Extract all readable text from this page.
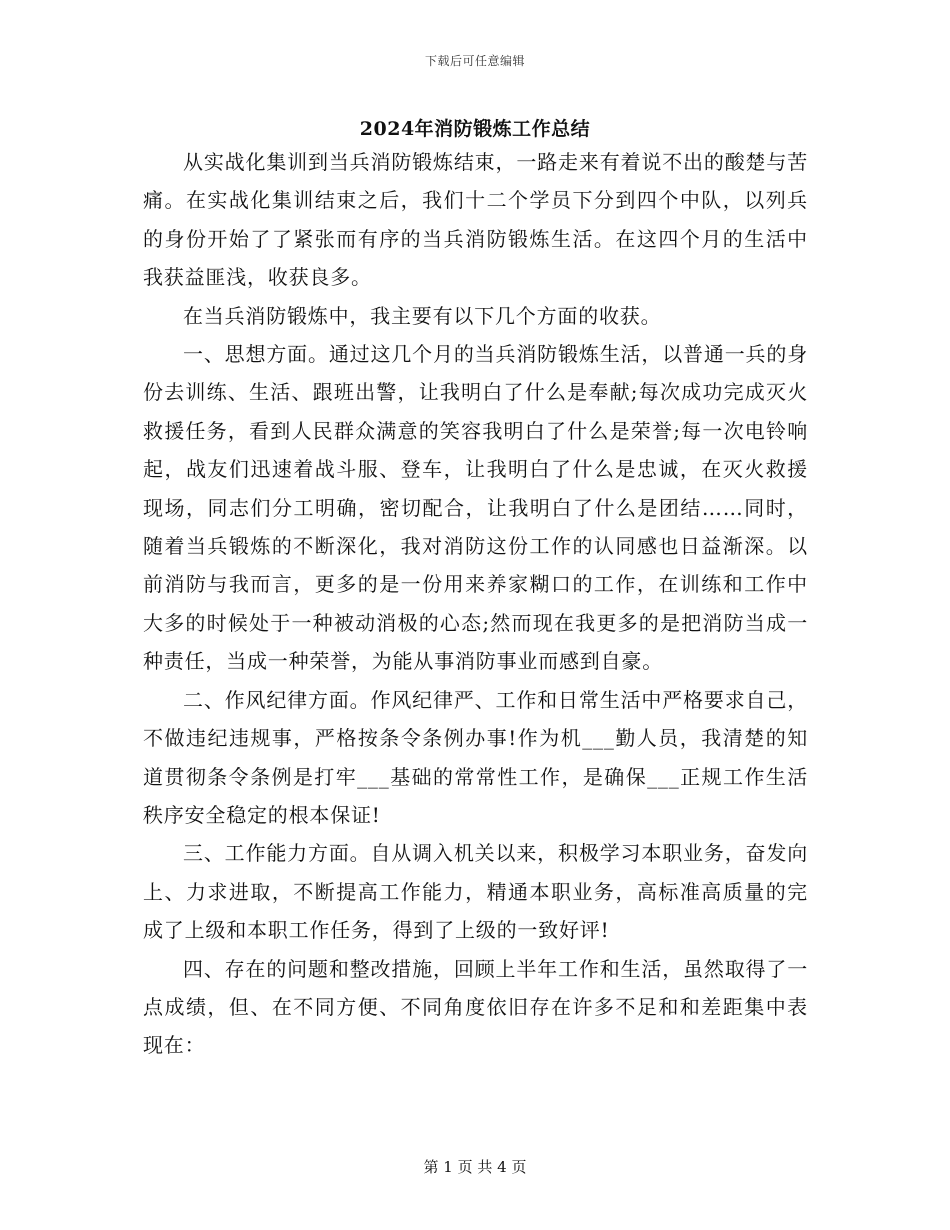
下载后可任意编辑
2024年消防锻炼工作总结

从实战化集训到当兵消防锻炼结束，一路走来有着说不出的酸楚与苦痛。在实战化集训结束之后，我们十二个学员下分到四个中队，以列兵的身份开始了了紧张而有序的当兵消防锻炼生活。在这四个月的生活中我获益匪浅，收获良多。

在当兵消防锻炼中，我主要有以下几个方面的收获。

一、思想方面。通过这几个月的当兵消防锻炼生活，以普通一兵的身份去训练、生活、跟班出警，让我明白了什么是奉献;每次成功完成灭火救援任务，看到人民群众满意的笑容我明白了什么是荣誉;每一次电铃响起，战友们迅速着战斗服、登车，让我明白了什么是忠诚，在灭火救援现场，同志们分工明确，密切配合，让我明白了什么是团结……同时，随着当兵锻炼的不断深化，我对消防这份工作的认同感也日益渐深。以前消防与我而言，更多的是一份用来养家糊口的工作，在训练和工作中大多的时候处于一种被动消极的心态;然而现在我更多的是把消防当成一种责任，当成一种荣誉，为能从事消防事业而感到自豪。

二、作风纪律方面。作风纪律严、工作和日常生活中严格要求自己，不做违纪违规事，严格按条令条例办事!作为机___勤人员，我清楚的知道贯彻条令条例是打牢___基础的常常性工作，是确保___正规工作生活秩序安全稳定的根本保证!

三、工作能力方面。自从调入机关以来，积极学习本职业务，奋发向上、力求进取，不断提高工作能力，精通本职业务，高标准高质量的完成了上级和本职工作任务，得到了上级的一致好评!

四、存在的问题和整改措施，回顾上半年工作和生活，虽然取得了一点成绩，但、在不同方便、不同角度依旧存在许多不足和和差距集中表现在：

第 1 页 共 4 页
